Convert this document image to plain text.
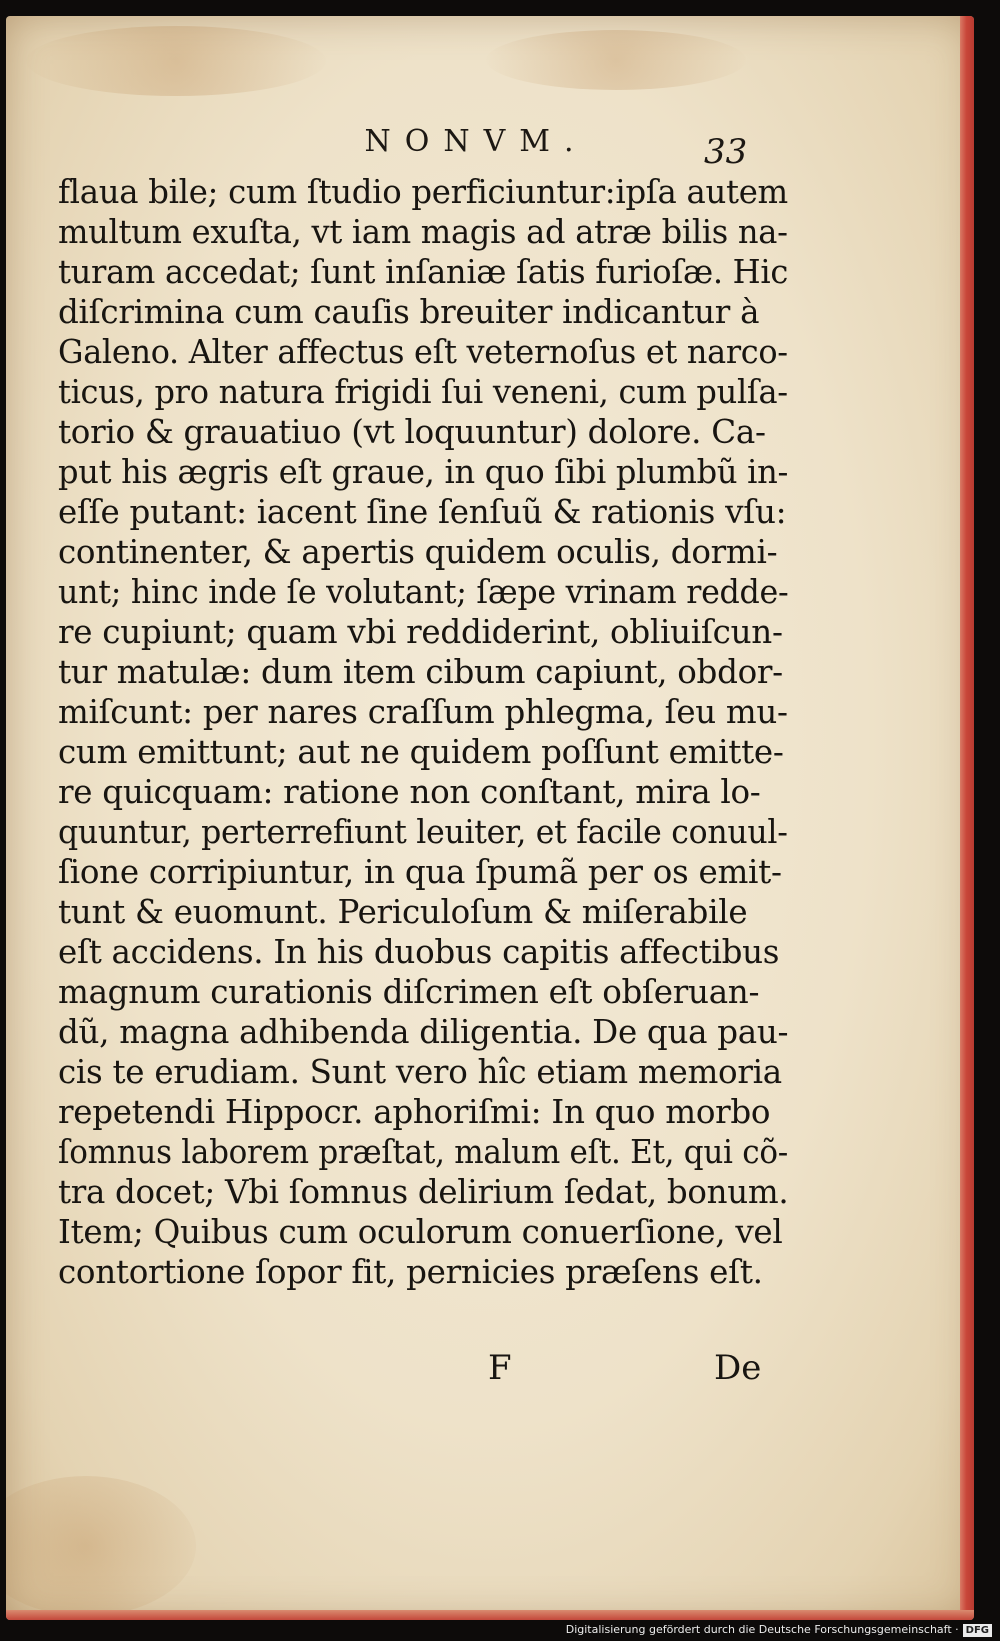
NONVM.	33
flaua bile; cum ſtudio perficiuntur:ipſa autem
multum exuſta, vt iam magis ad atræ bilis na-
turam accedat; ſunt inſaniæ ſatis furioſæ. Hic
diſcrimina cum cauſis breuiter indicantur à
Galeno. Alter affectus eſt veternoſus et narco-
ticus, pro natura frigidi ſui veneni, cum pulſa-
torio & grauatiuo (vt loquuntur) dolore. Ca-
put his ægris eſt graue, in quo ſibi plumbũ in-
eſſe putant: iacent ſine ſenſuũ & rationis vſu:
continenter, & apertis quidem oculis, dormi-
unt; hinc inde ſe volutant; ſæpe vrinam redde-
re cupiunt; quam vbi reddiderint, obliuiſcun-
tur matulæ: dum item cibum capiunt, obdor-
miſcunt: per nares craſſum phlegma, ſeu mu-
cum emittunt; aut ne quidem poſſunt emitte-
re quicquam: ratione non conſtant, mira lo-
quuntur, perterrefiunt leuiter, et facile conuul-
ſione corripiuntur, in qua ſpumã per os emit-
tunt & euomunt. Periculoſum & miſerabile
eſt accidens. In his duobus capitis affectibus
magnum curationis diſcrimen eſt obſeruan-
dũ, magna adhibenda diligentia. De qua pau-
cis te erudiam. Sunt vero hîc etiam memoria
repetendi Hippocr. aphoriſmi: In quo morbo
ſomnus laborem præſtat, malum eſt. Et, qui cõ-
tra docet; Vbi ſomnus delirium ſedat, bonum.
Item; Quibus cum oculorum conuerſione, vel
contortione ſopor fit, pernicies præſens eſt.
F	De
Digitalisierung gefördert durch die Deutsche Forschungsgemeinschaft · DFG
